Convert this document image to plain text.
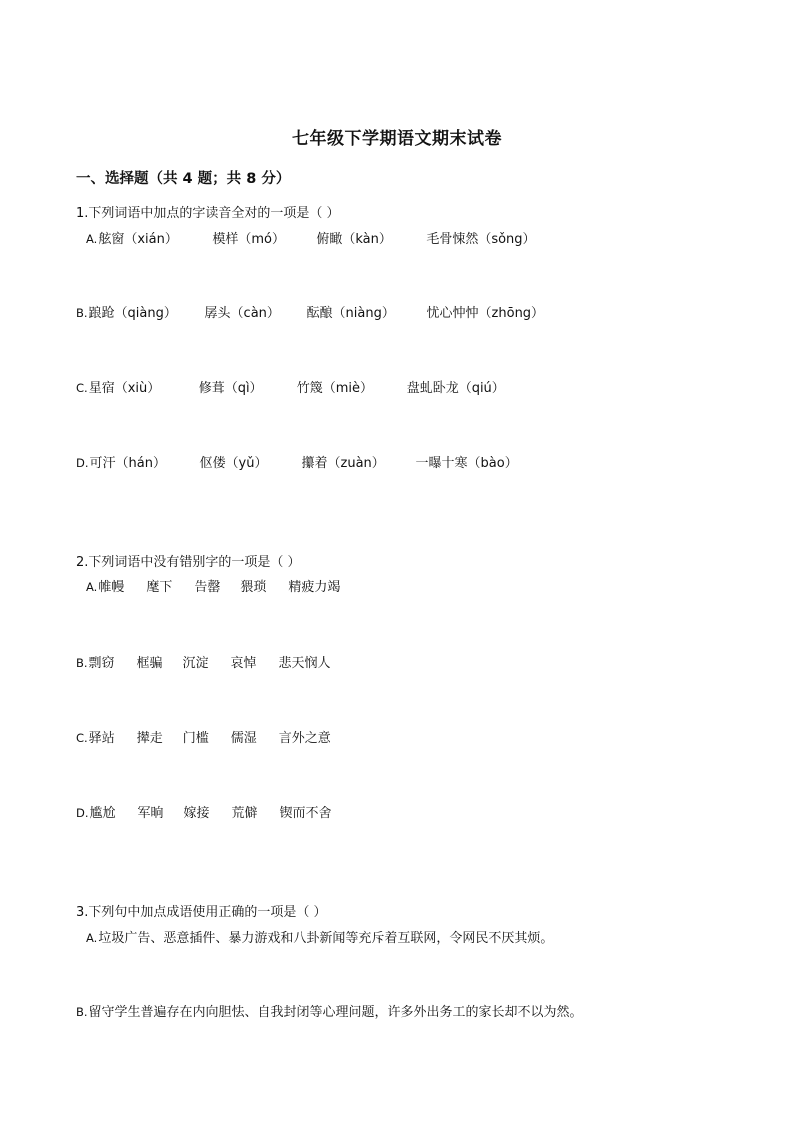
七年级下学期语文期末试卷
一、选择题（共 4 题；共 8 分）
1.下列词语中加点的字读音全对的一项是（ ）
A. 舷窗（xián）	模样（mó）	俯瞰（kàn）	毛骨悚然（sǒng）
B. 踉跄（qiàng）	孱头（càn）	酝酿（niàng）	忧心忡忡（zhōng）
C. 星宿（xiù）	修葺（qì）	竹篾（miè）	盘虬卧龙（qiú）
D. 可汗（hán）	伛偻（yǔ）	攥着（zuàn）	一曝十寒（bào）
2.下列词语中没有错别字的一项是（ ）
A. 帷幔	麾下	告罄	猥琐	精疲力竭
B. 剽窃	框骗	沉淀	哀悼	悲天悯人
C. 驿站	撵走	门槛	儒湿	言外之意
D. 尴尬	军晌	嫁接	荒僻	锲而不舍
3.下列句中加点成语使用正确的一项是（ ）
A. 垃圾广告、恶意插件、暴力游戏和八卦新闻等充斥着互联网，令网民不厌其烦。
B. 留守学生普遍存在内向胆怯、自我封闭等心理问题，许多外出务工的家长却不以为然。
